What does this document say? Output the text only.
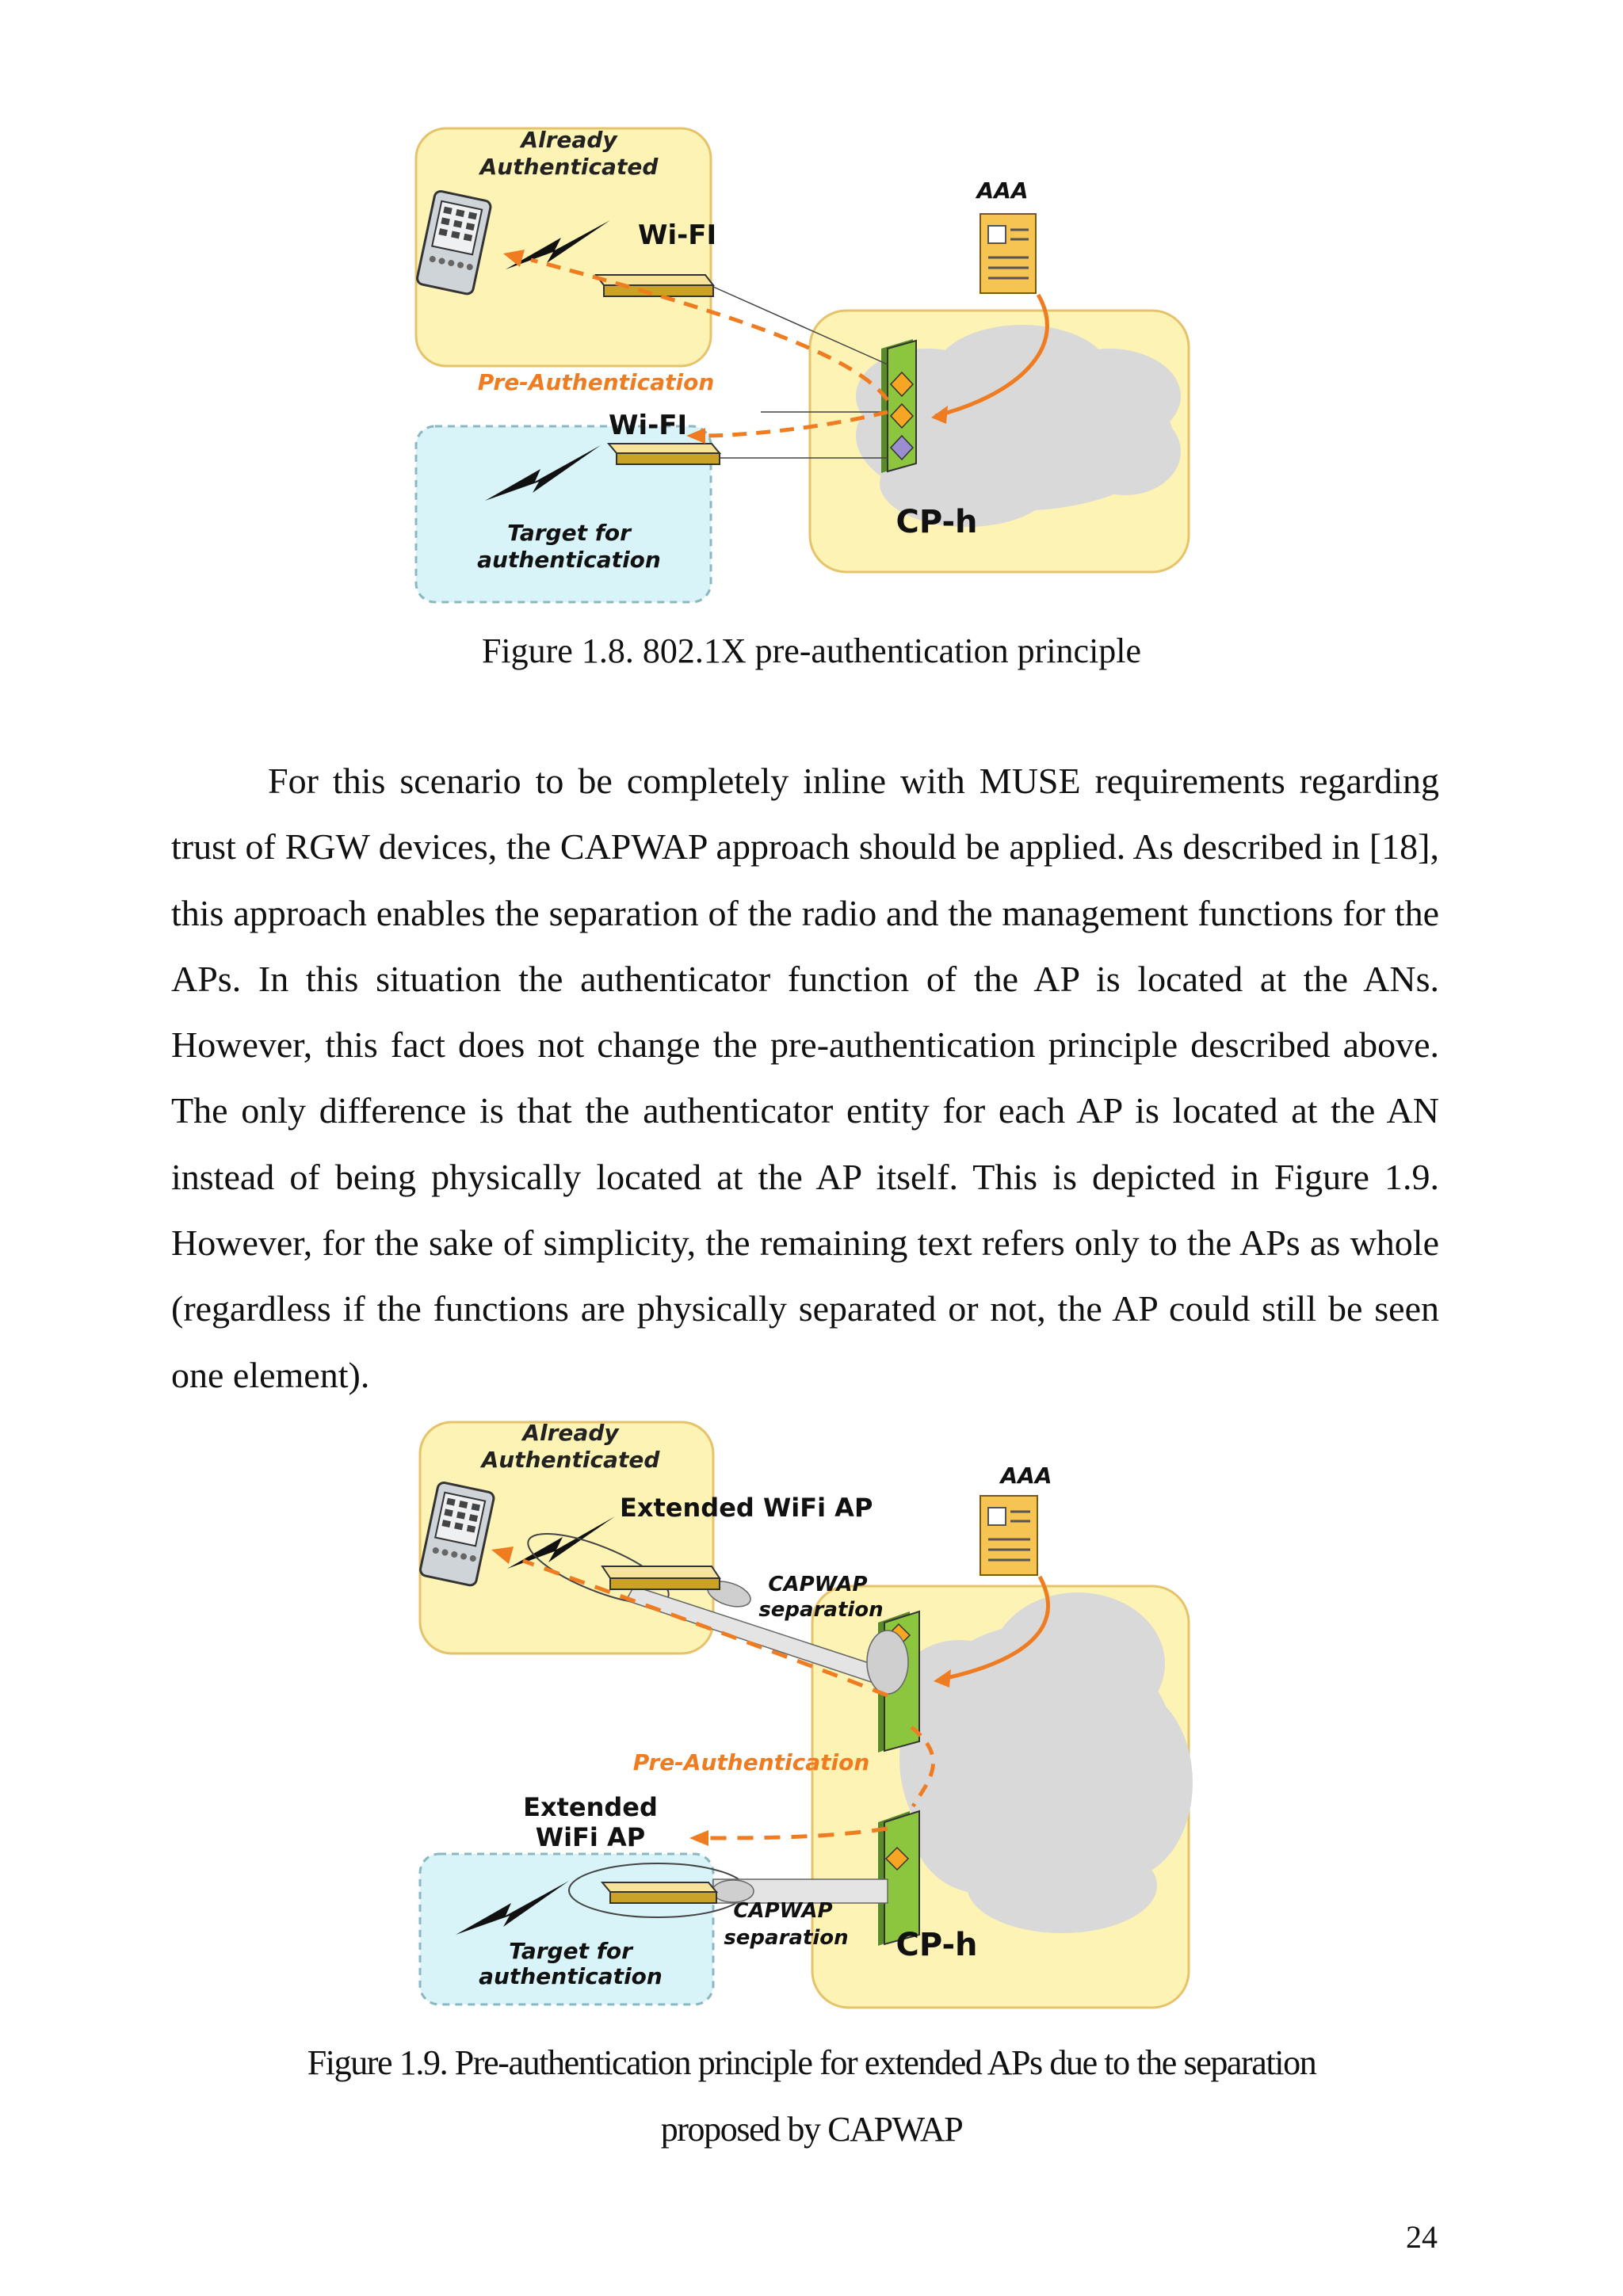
Already
Authenticated
Wi-FI
AAA
Pre-Authentication
Wi-FI
Target for
authentication
CP-h
Figure 1.8. 802.1X pre-authentication principle

For this scenario to be completely inline with MUSE requirements regarding trust of RGW devices, the CAPWAP approach should be applied. As described in [18], this approach enables the separation of the radio and the management functions for the APs. In this situation the authenticator function of the AP is located at the ANs. However, this fact does not change the pre-authentication principle described above. The only difference is that the authenticator entity for each AP is located at the AN instead of being physically located at the AP itself. This is depicted in Figure 1.9. However, for the sake of simplicity, the remaining text refers only to the APs as whole (regardless if the functions are physically separated or not, the AP could still be seen one element).

Already
Authenticated
Extended WiFi AP
AAA
CAPWAP
separation
Pre-Authentication
Extended
WiFi AP
CAPWAP
separation
Target for
authentication
CP-h
Figure 1.9. Pre-authentication principle for extended APs due to the separation
proposed by CAPWAP
24
